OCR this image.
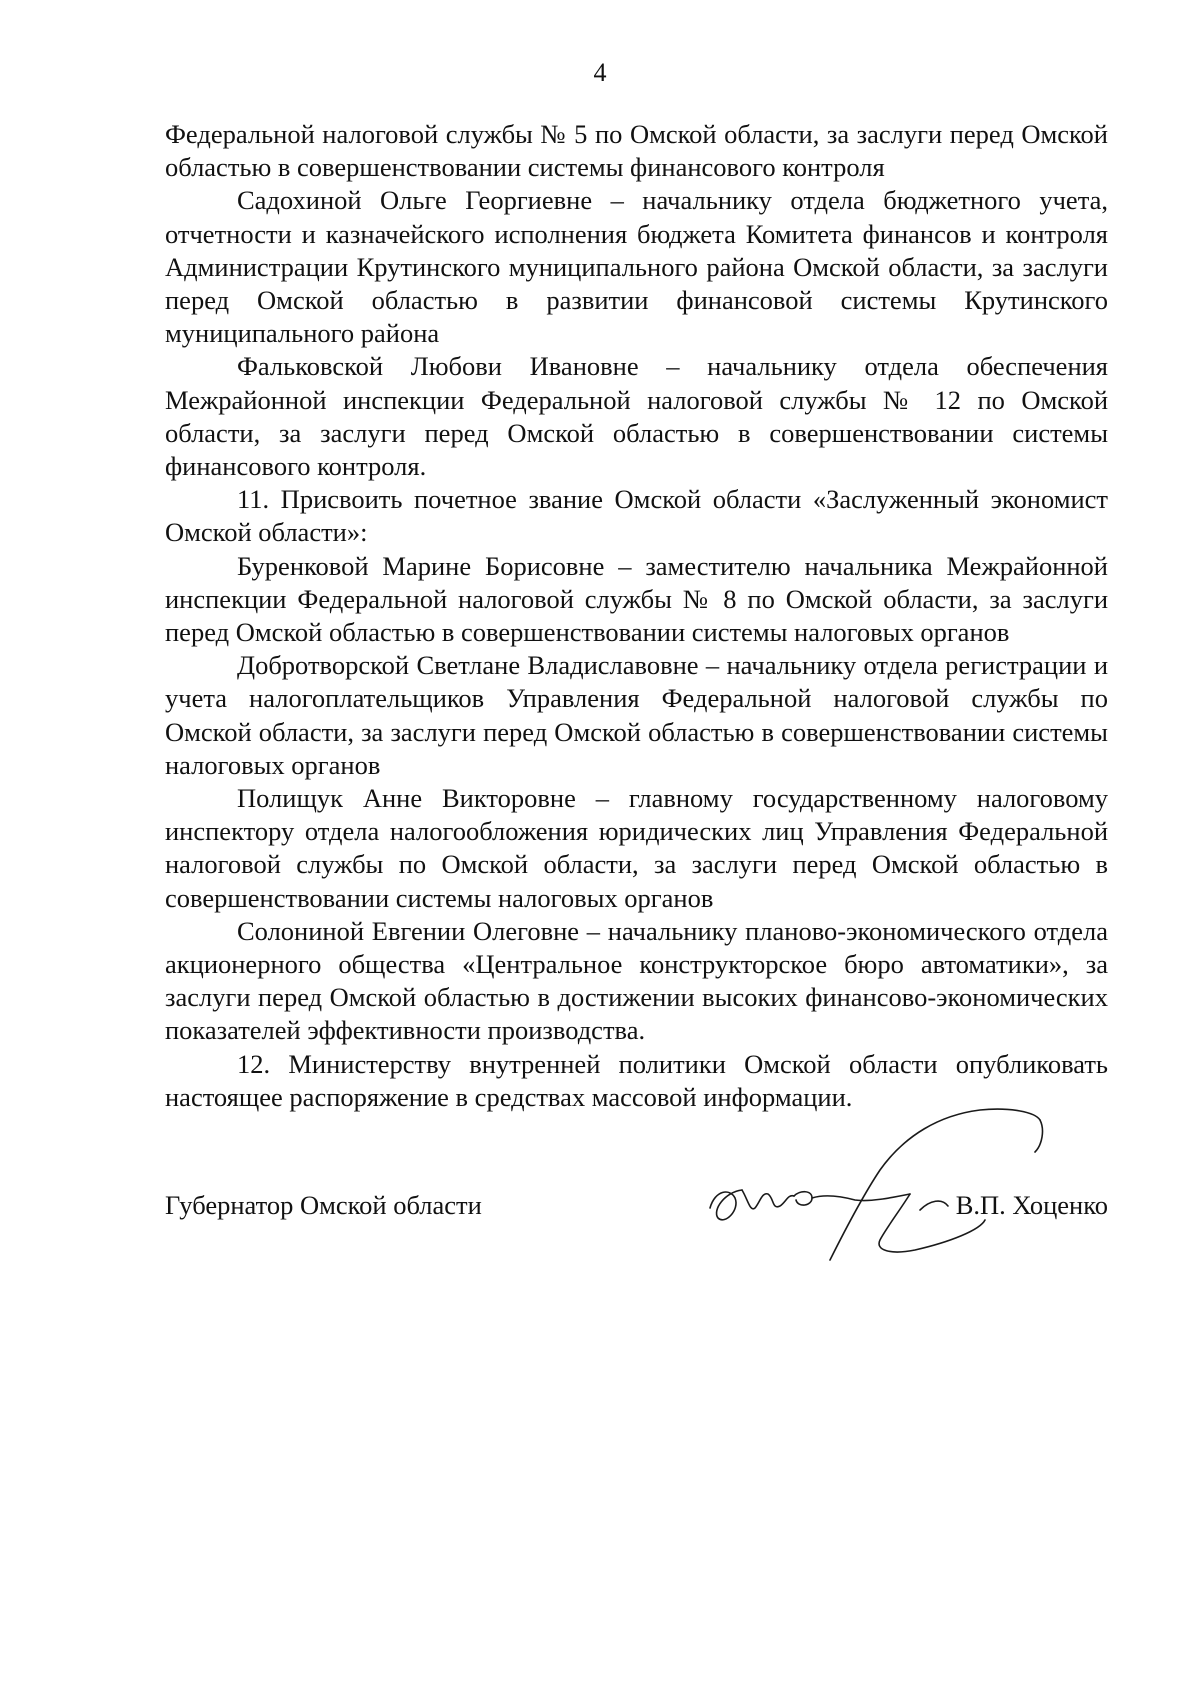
4

Федеральной налоговой службы № 5 по Омской области, за заслуги перед Омской областью в совершенствовании системы финансового контроля

Садохиной Ольге Георгиевне – начальнику отдела бюджетного учета, отчетности и казначейского исполнения бюджета Комитета финансов и контроля Администрации Крутинского муниципального района Омской области, за заслуги перед Омской областью в развитии финансовой системы Крутинского муниципального района

Фальковской Любови Ивановне – начальнику отдела обеспечения Межрайонной инспекции Федеральной налоговой службы № 12 по Омской области, за заслуги перед Омской областью в совершенствовании системы финансового контроля.

11. Присвоить почетное звание Омской области «Заслуженный экономист Омской области»:

Буренковой Марине Борисовне – заместителю начальника Межрайонной инспекции Федеральной налоговой службы № 8 по Омской области, за заслуги перед Омской областью в совершенствовании системы налоговых органов

Добротворской Светлане Владиславовне – начальнику отдела регистрации и учета налогоплательщиков Управления Федеральной налоговой службы по Омской области, за заслуги перед Омской областью в совершенствовании системы налоговых органов

Полищук Анне Викторовне – главному государственному налоговому инспектору отдела налогообложения юридических лиц Управления Федеральной налоговой службы по Омской области, за заслуги перед Омской областью в совершенствовании системы налоговых органов

Солониной Евгении Олеговне – начальнику планово-экономического отдела акционерного общества «Центральное конструкторское бюро автоматики», за заслуги перед Омской областью в достижении высоких финансово-экономических показателей эффективности производства.

12. Министерству внутренней политики Омской области опубликовать настоящее распоряжение в средствах массовой информации.

Губернатор Омской области	В.П. Хоценко
